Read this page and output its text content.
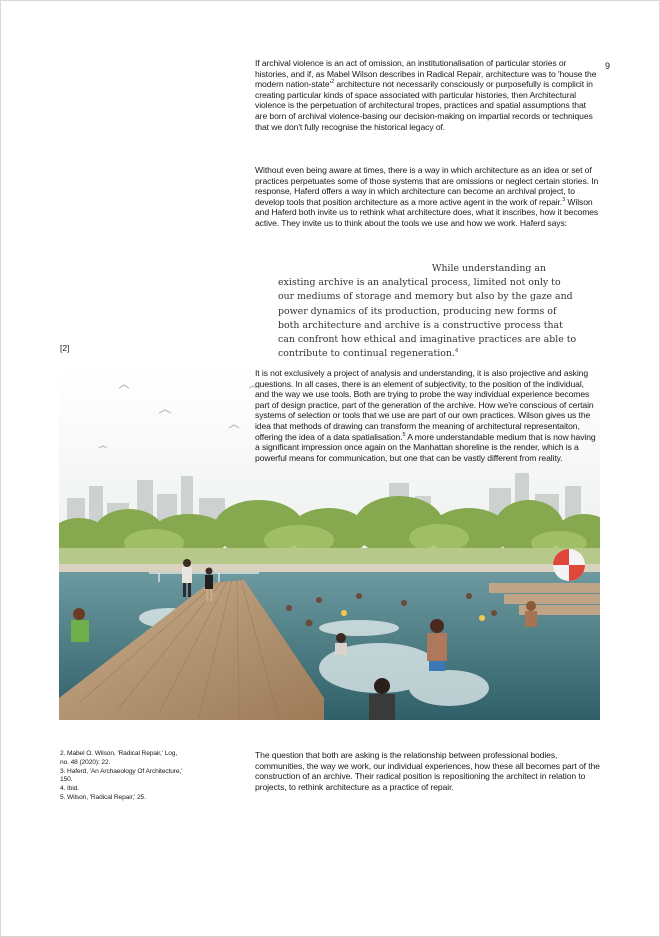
9

If archival violence is an act of omission, an institutionalisation of particular stories or histories, and if, as Mabel Wilson describes in Radical Repair, architecture was to 'house the modern nation-$state'^2$ architecture not necessarily consciously or purposefully is complicit in creating particular kinds of space associated with particular histories, then Architectural violence is the perpetuation of architectural tropes, practices and spatial assumptions that are born of archival violence-basing our decision-making on impartial records or techniques that we don't fully recognise the historical legacy of.

Without even being aware at times, there is a way in which architecture as an idea or set of practices perpetuates some of those systems that are omissions or neglect certain stories. In response, Haferd offers a way in which architecture can become an archival project, to develop tools that position architecture as a more active agent in the work of repair.$^3$ Wilson and Haferd both invite us to rethink what architecture does, what it inscribes, how it becomes active. They invite us to think about the tools we use and how we work. Haferd says:

While understanding an
existing archive is an analytical process, limited not only to our mediums of storage and memory but also by the gaze and power dynamics of its production, producing new forms of both architecture and archive is a constructive process that can confront how ethical and imaginative practices are able to contribute to continual regeneration.$^4$

[2]

It is not exclusively a project of analysis and understanding, it is also projective and asking questions. In all cases, there is an element of subjectivity, to the position of the individual, and the way we use tools. Both are trying to probe the way individual experience becomes part of design practice, part of the generation of the archive. How we're conscious of certain systems of selection or tools that we use are part of our own practices. Wilson gives us the idea that methods of drawing can transform the meaning of architectural representaiton, offering the idea of a data spatialisation.$^5$ A more understandable medium that is now having a significant impression once again on the Manhattan shoreline is the render, which is a powerful means for communication, but one that can be vastly different from reality.

2. Mabel O. Wilson, 'Radical Repair,' Log,
no. 48 (2020): 22.
3. Haferd, 'An Archaeology Of Architecture,'
150.
4. Ibid.
5. Wilson, 'Radical Repair,' 25.

The question that both are asking is the relationship between professional bodies, communities, the way we work, our individual experiences, how these all becomes part of the construction of an archive. Their radical position is repositioning the architect in relation to projects, to rethink architecture as a practice of repair.
